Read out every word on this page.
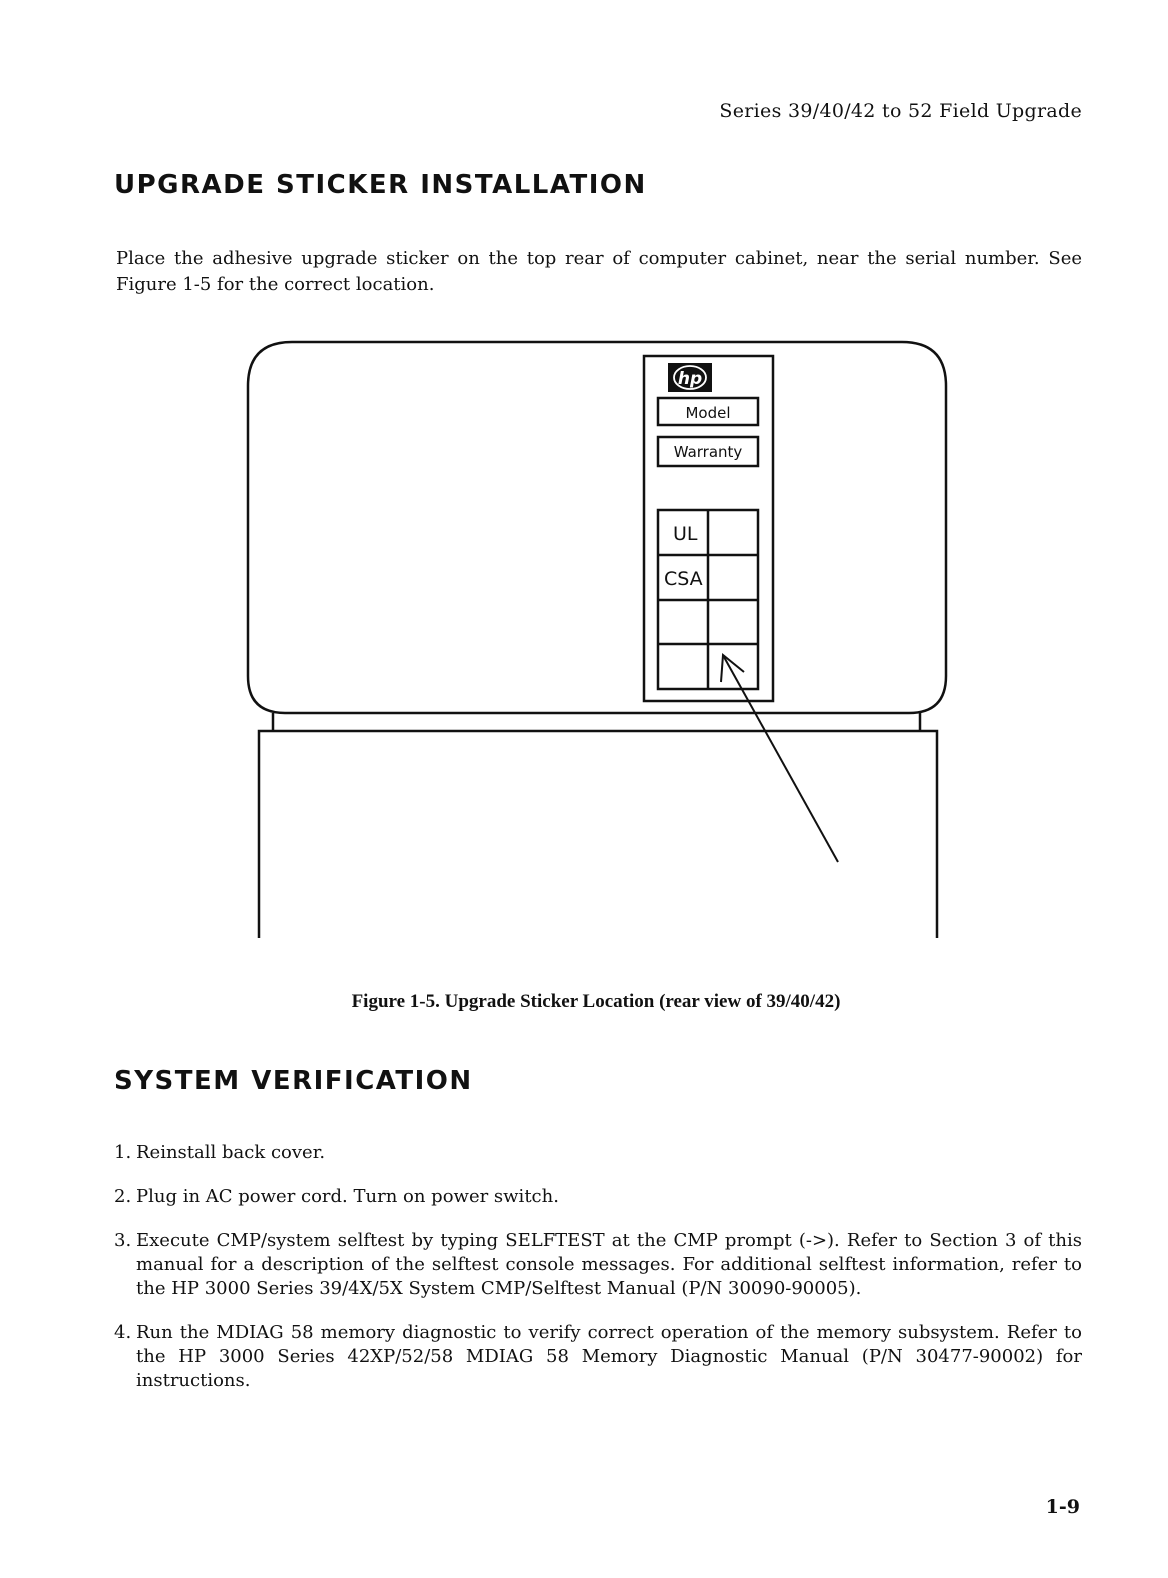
Series 39/40/42 to 52 Field Upgrade
UPGRADE STICKER INSTALLATION

Place the adhesive upgrade sticker on the top rear of computer cabinet, near the serial number. See Figure 1-5 for the correct location.

hp
Model
Warranty
UL
CSA
Figure 1-5. Upgrade Sticker Location (rear view of 39/40/42)
SYSTEM VERIFICATION
1. Reinstall back cover.
2. Plug in AC power cord. Turn on power switch.
3. Execute CMP/system selftest by typing SELFTEST at the CMP prompt (->). Refer to Section 3 of this manual for a description of the selftest console messages. For additional selftest information, refer to the HP 3000 Series 39/4X/5X System CMP/Selftest Manual (P/N 30090-90005).
4. Run the MDIAG 58 memory diagnostic to verify correct operation of the memory subsystem. Refer to the HP 3000 Series 42XP/52/58 MDIAG 58 Memory Diagnostic Manual (P/N 30477-90002) for instructions.
1-9
